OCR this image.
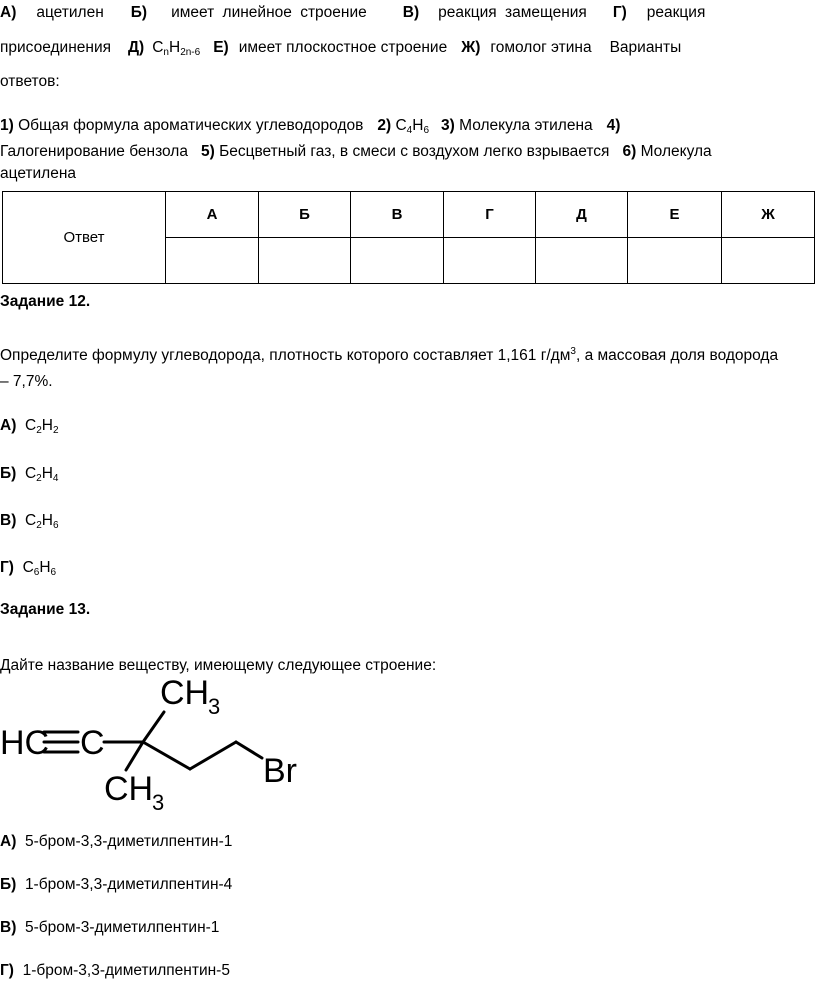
А) ацетилен Б) имеет линейное строение В) реакция замещения Г) реакция
присоединения Д) $C_nH_{2n-6}$ Е) имеет плоскостное строение Ж) гомолог этина Варианты
ответов:
1) Общая формула ароматических углеводородов 2) $C_4H_6$ 3) Молекула этилена 4)
Галогенирование бензола 5) Бесцветный газ, в смеси с воздухом легко взрывается 6) Молекула
ацетилена
Ответ	А	Б	В	Г	Д	Е	Ж

Задание 12.
Определите формулу углеводорода, плотность которого составляет 1,161 $г/дм^3$, а массовая доля водорода
– 7,7%.
А) $C_2H_2$
Б) $C_2H_4$
В) $C_2H_6$
Г) $C_6H_6$
Задание 13.
Дайте название веществу, имеющему следующее строение:
HC C
CH
3
CH
3
Br
А) 5-бром-3,3-диметилпентин-1
Б) 1-бром-3,3-диметилпентин-4
В) 5-бром-3-диметилпентин-1
Г) 1-бром-3,3-диметилпентин-5
